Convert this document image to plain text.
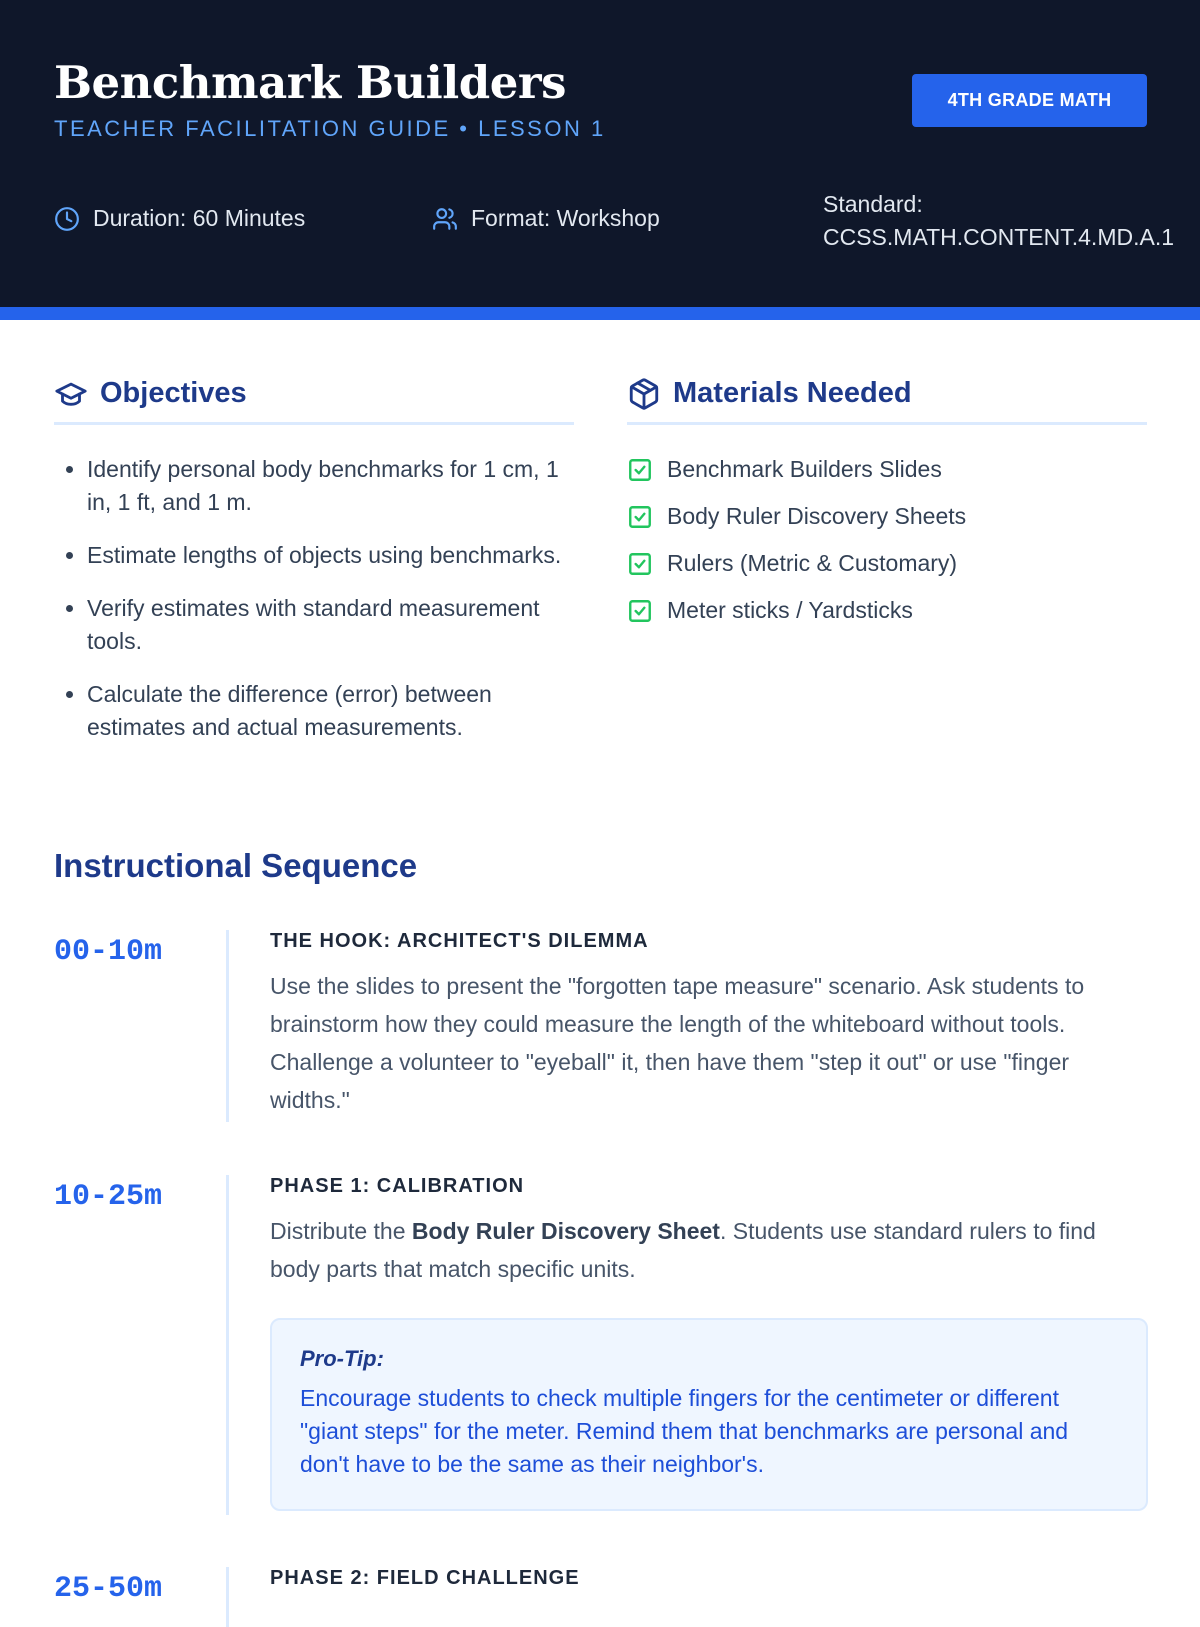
Benchmark Builders
TEACHER FACILITATION GUIDE • LESSON 1
4TH GRADE MATH
Duration: 60 Minutes	Format: Workshop
Standard:
CCSS.MATH.CONTENT.4.MD.A.1
Objectives
• Identify personal body benchmarks for 1 cm, 1 in, 1 ft, and 1 m.
• Estimate lengths of objects using benchmarks.
• Verify estimates with standard measurement tools.
• Calculate the difference (error) between estimates and actual measurements.
Materials Needed
Benchmark Builders Slides
Body Ruler Discovery Sheets
Rulers (Metric & Customary)
Meter sticks / Yardsticks
Instructional Sequence
00-10m	THE HOOK: ARCHITECT'S DILEMMA

Use the slides to present the "forgotten tape measure" scenario. Ask students to brainstorm how they could measure the length of the whiteboard without tools. Challenge a volunteer to "eyeball" it, then have them "step it out" or use "finger widths."

10-25m	PHASE 1: CALIBRATION

Distribute the Body Ruler Discovery Sheet. Students use standard rulers to find body parts that match specific units.

Pro-Tip:

Encourage students to check multiple fingers for the centimeter or different "giant steps" for the meter. Remind them that benchmarks are personal and don't have to be the same as their neighbor's.

25-50m	PHASE 2: FIELD CHALLENGE
